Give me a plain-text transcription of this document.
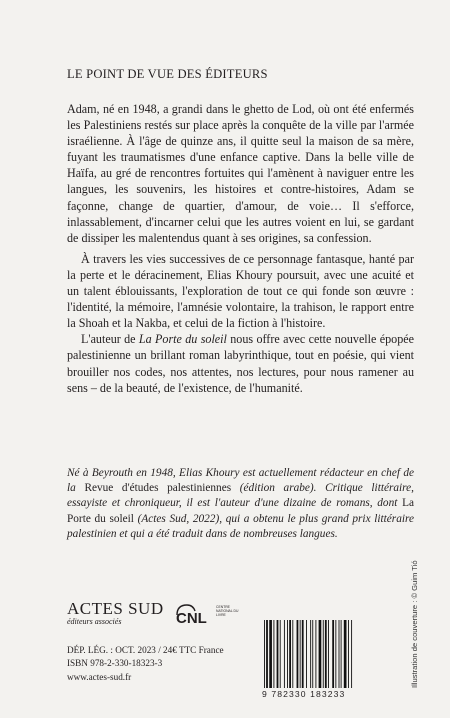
LE POINT DE VUE DES ÉDITEURS

Adam, né en 1948, a grandi dans le ghetto de Lod, où ont été enfermés les Palestiniens restés sur place après la conquête de la ville par l'armée israélienne. À l'âge de quinze ans, il quitte seul la maison de sa mère, fuyant les traumatismes d'une enfance captive. Dans la belle ville de Haïfa, au gré de rencontres fortuites qui l'amènent à naviguer entre les langues, les souvenirs, les histoires et contre-histoires, Adam se façonne, change de quartier, d'amour, de voie… Il s'efforce, inlassablement, d'incarner celui que les autres voient en lui, se gardant de dissiper les malentendus quant à ses origines, sa confession.

À travers les vies successives de ce personnage fantasque, hanté par la perte et le déracinement, Elias Khoury poursuit, avec une acuité et un talent éblouissants, l'exploration de tout ce qui fonde son œuvre : l'identité, la mémoire, l'amnésie volontaire, la trahison, le rapport entre la Shoah et la Nakba, et celui de la fiction à l'histoire.

L'auteur de La Porte du soleil nous offre avec cette nouvelle épopée palestinienne un brillant roman labyrinthique, tout en poésie, qui vient brouiller nos codes, nos attentes, nos lectures, pour nous ramener au sens – de la beauté, de l'existence, de l'humanité.

Né à Beyrouth en 1948, Elias Khoury est actuellement rédacteur en chef de la Revue d'études palestiniennes (édition arabe). Critique littéraire, essayiste et chroniqueur, il est l'auteur d'une dizaine de romans, dont La Porte du soleil (Actes Sud, 2022), qui a obtenu le plus grand prix littéraire palestinien et qui a été traduit dans de nombreuses langues.
ACTES SUD
éditeurs associés	CNL
CENTRE NATIONAL DU LIVRE
DÉP. LÉG. : OCT. 2023 / 24€ TTC France
ISBN 978-2-330-18323-3
www.actes-sud.fr
9 782330 183233
Illustration de couverture : © Guim Tió
